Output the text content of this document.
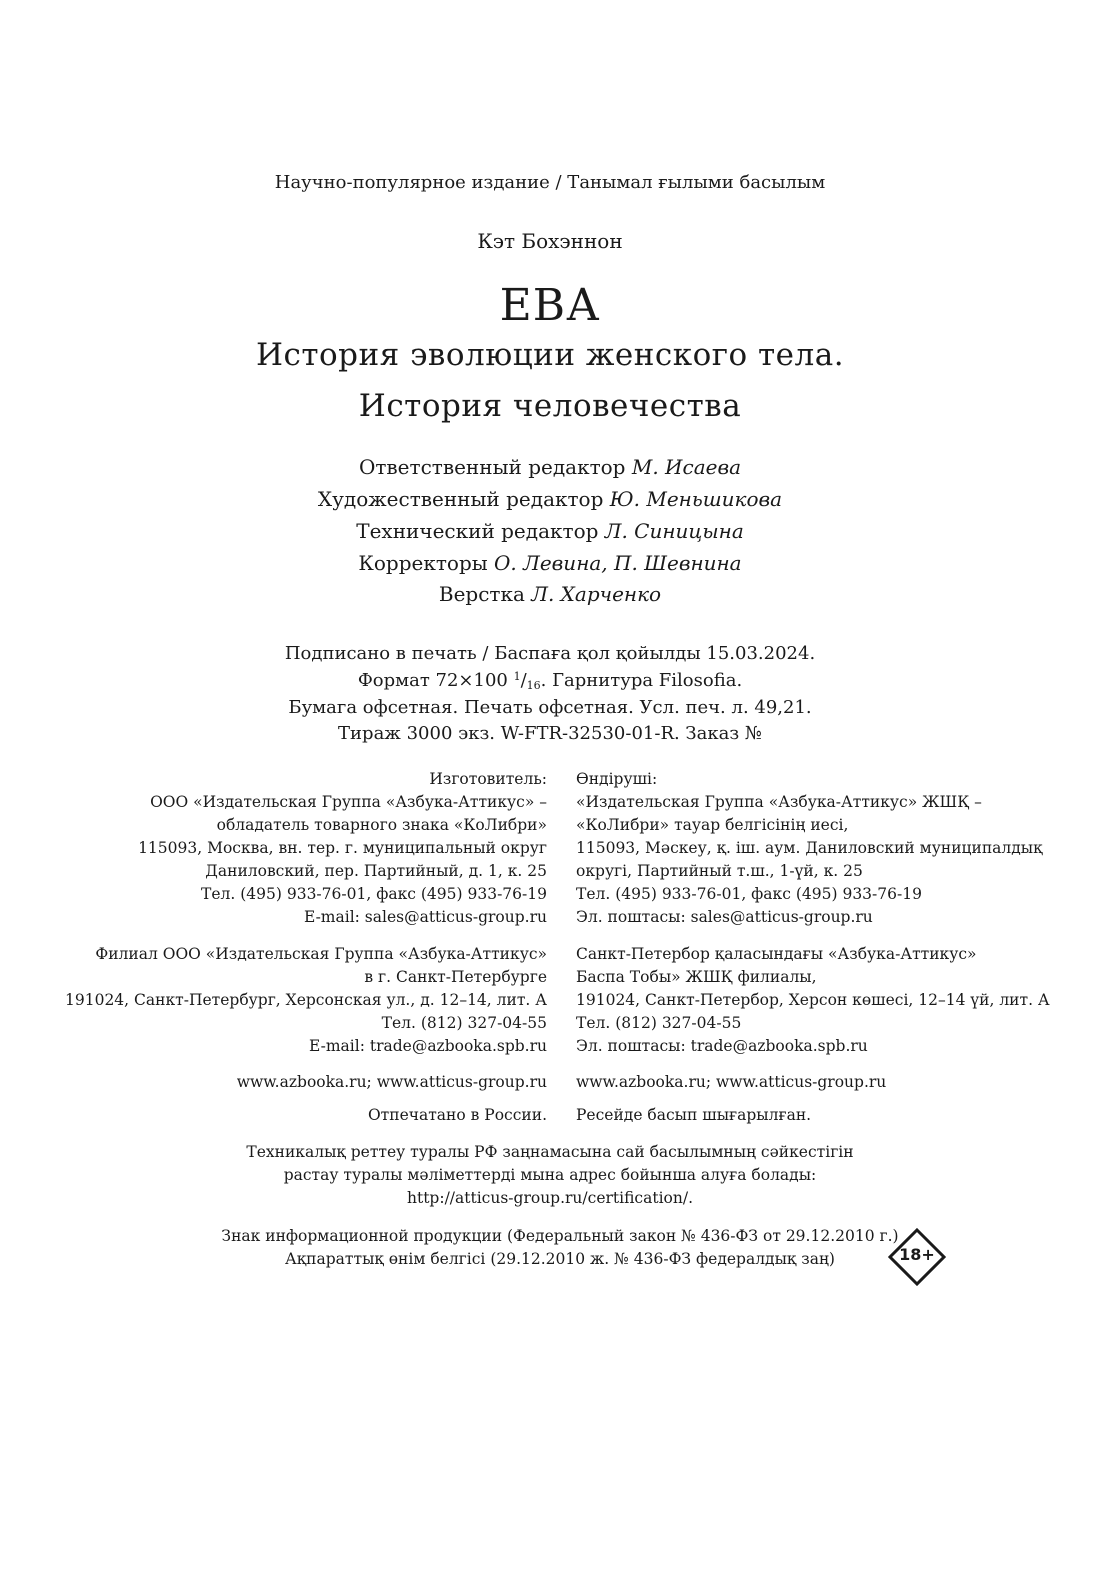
Научно-популярное издание / Танымал ғылыми басылым
Кэт Бохэннон
ЕВА
История эволюции женского тела.
История человечества
Ответственный редактор М. Исаева
Художественный редактор Ю. Меньшикова
Технический редактор Л. Синицына
Корректоры О. Левина, П. Шевнина
Верстка Л. Харченко
Подписано в печать / Баспаға қол қойылды 15.03.2024.
Формат 72×100 $^1/_{16}$. Гарнитура Filosofia.
Бумага офсетная. Печать офсетная. Усл. печ. л. 49,21.
Тираж 3000 экз. W-FTR-32530-01-R. Заказ №
Изготовитель:
ООО «Издательская Группа «Азбука-Аттикус» –
обладатель товарного знака «КоЛибри»
115093, Москва, вн. тер. г. муниципальный округ
Даниловский, пер. Партийный, д. 1, к. 25
Тел. (495) 933-76-01, факс (495) 933-76-19
E-mail: sales@atticus-group.ru
Өндіруші:
«Издательская Группа «Азбука-Аттикус» ЖШҚ –
«КоЛибри» тауар белгісінің иесі,
115093, Мәскеу, қ. іш. аум. Даниловский муниципалдық
округі, Партийный т.ш., 1-үй, к. 25
Тел. (495) 933-76-01, факс (495) 933-76-19
Эл. поштасы: sales@atticus-group.ru
Филиал ООО «Издательская Группа «Азбука-Аттикус»
в г. Санкт-Петербурге
191024, Санкт-Петербург, Херсонская ул., д. 12–14, лит. А
Тел. (812) 327-04-55
E-mail: trade@azbooka.spb.ru
Санкт-Петербор қаласындағы «Азбука-Аттикус»
Баспа Тобы» ЖШҚ филиалы,
191024, Санкт-Петербор, Херсон көшесі, 12–14 үй, лит. А
Тел. (812) 327-04-55
Эл. поштасы: trade@azbooka.spb.ru
www.azbooka.ru; www.atticus-group.ru www.azbooka.ru; www.atticus-group.ru
Отпечатано в России. Ресейде басып шығарылған.
Техникалық реттеу туралы РФ заңнамасына сай басылымның сәйкестігін
растау туралы мәліметтерді мына адрес бойынша алуға болады:
http://atticus-group.ru/certification/.
Знак информационной продукции (Федеральный закон № 436-ФЗ от 29.12.2010 г.)
Ақпараттық өнім белгісі (29.12.2010 ж. № 436-ФЗ федералдық заң)	18+
